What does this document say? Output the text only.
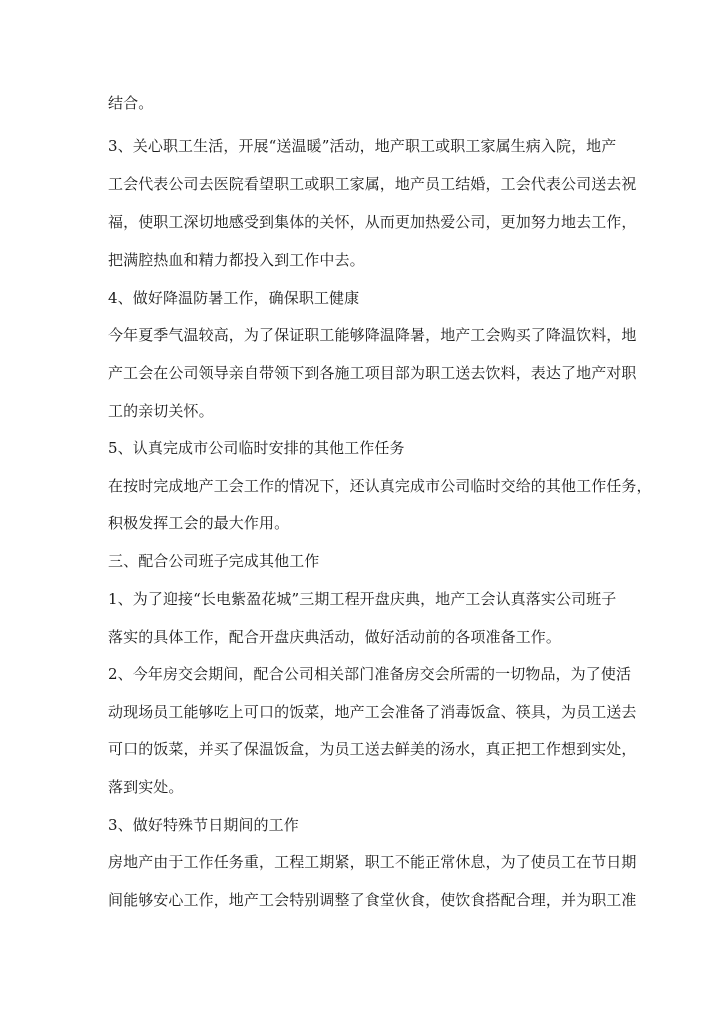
结合。
3、关心职工生活，开展“送温暖”活动，地产职工或职工家属生病入院，地产
工会代表公司去医院看望职工或职工家属，地产员工结婚，工会代表公司送去祝
福，使职工深切地感受到集体的关怀，从而更加热爱公司，更加努力地去工作，
把满腔热血和精力都投入到工作中去。
4、做好降温防暑工作，确保职工健康
今年夏季气温较高，为了保证职工能够降温降暑，地产工会购买了降温饮料，地
产工会在公司领导亲自带领下到各施工项目部为职工送去饮料，表达了地产对职
工的亲切关怀。
5、认真完成市公司临时安排的其他工作任务
在按时完成地产工会工作的情况下，还认真完成市公司临时交给的其他工作任务，
积极发挥工会的最大作用。
三、配合公司班子完成其他工作
1、为了迎接“长电紫盈花城”三期工程开盘庆典，地产工会认真落实公司班子
落实的具体工作，配合开盘庆典活动，做好活动前的各项准备工作。
2、今年房交会期间，配合公司相关部门准备房交会所需的一切物品，为了使活
动现场员工能够吃上可口的饭菜，地产工会准备了消毒饭盒、筷具，为员工送去
可口的饭菜，并买了保温饭盒，为员工送去鲜美的汤水，真正把工作想到实处，
落到实处。
3、做好特殊节日期间的工作
房地产由于工作任务重，工程工期紧，职工不能正常休息，为了使员工在节日期
间能够安心工作，地产工会特别调整了食堂伙食，使饮食搭配合理，并为职工准
